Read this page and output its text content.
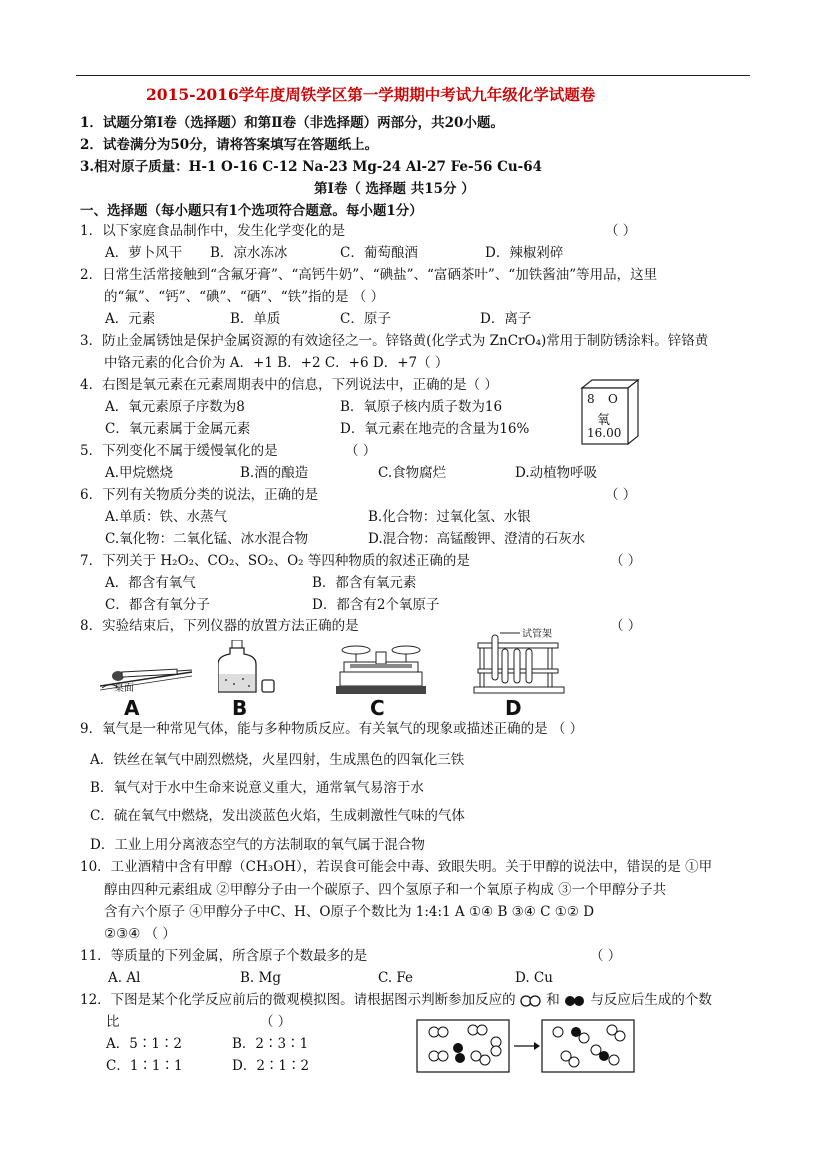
2015-2016学年度周铁学区第一学期期中考试九年级化学试题卷
1．试题分第Ⅰ卷（选择题）和第Ⅱ卷（非选择题）两部分，共20小题。
2．试卷满分为50分，请将答案填写在答题纸上。
3.相对原子质量：H-1 O-16 C-12 Na-23 Mg-24 Al-27 Fe-56 Cu-64
第Ⅰ卷（ 选择题 共15分 ）
一、选择题（每小题只有1个选项符合题意。每小题1分）
1．以下家庭食品制作中，发生化学变化的是	（ ）
A．萝卜风干 B．凉水冻冰	C．葡萄酿酒	D．辣椒剁碎
2．日常生活常接触到“含氟牙膏”、“高钙牛奶”、“碘盐”、“富硒茶叶”、“加铁酱油”等用品，这里
的“氟”、“钙”、“碘”、“硒”、“铁”指的是 （ ）
A．元素	B．单质	C．原子	D．离子
3．防止金属锈蚀是保护金属资源的有效途径之一。锌铬黄(化学式为 ZnCrO₄)常用于制防锈涂料。锌铬黄
中铬元素的化合价为 A．+1 B．+2 C．+6 D．+7（ ）
4．右图是氧元素在元素周期表中的信息，下列说法中，正确的是（ ）
A．氧元素原子序数为8	B．氧原子核内质子数为16
C．氧元素属于金属元素	D．氧元素在地壳的含量为16%
8 O
氧
16.00
5．下列变化不属于缓慢氧化的是	（ ）
A.甲烷燃烧	B.酒的酿造	C.食物腐烂	D.动植物呼吸
6．下列有关物质分类的说法，正确的是	（ ）
A.单质：铁、水蒸气	B.化合物：过氧化氢、水银
C.氧化物：二氧化锰、冰水混合物	D.混合物：高锰酸钾、澄清的石灰水
7．下列关于 H₂O₂、CO₂、SO₂、O₂ 等四种物质的叙述正确的是	（ ）
A．都含有氧气	B．都含有氧元素
C．都含有氧分子	D．都含有2个氧原子
8．实验结束后，下列仪器的放置方法正确的是	（ ）
桌面
A	B	C
试管架
D
9．氧气是一种常见气体，能与多种物质反应。有关氧气的现象或描述正确的是 （ ）
A．铁丝在氧气中剧烈燃烧，火星四射，生成黑色的四氧化三铁
B．氧气对于水中生命来说意义重大，通常氧气易溶于水
C．硫在氧气中燃烧，发出淡蓝色火焰，生成刺激性气味的气体
D．工业上用分离液态空气的方法制取的氧气属于混合物
10．工业酒精中含有甲醇（CH₃OH），若误食可能会中毒、致眼失明。关于甲醇的说法中，错误的是 ①甲
醇由四种元素组成 ②甲醇分子由一个碳原子、四个氢原子和一个氧原子构成 ③一个甲醇分子共
含有六个原子 ④甲醇分子中C、H、O原子个数比为 1:4:1 A ①④ B ③④ C ①② D
②③④ （ ）
11．等质量的下列金属，所含原子个数最多的是	（ ）
A. Al	B. Mg	C. Fe	D. Cu
12．下图是某个化学反应前后的微观模拟图。请根据图示判断参加反应的 和 与反应后生成的个数
比	（ ）
A．5∶1∶2	B．2∶3∶1
C．1∶1∶1	D．2∶1∶2
